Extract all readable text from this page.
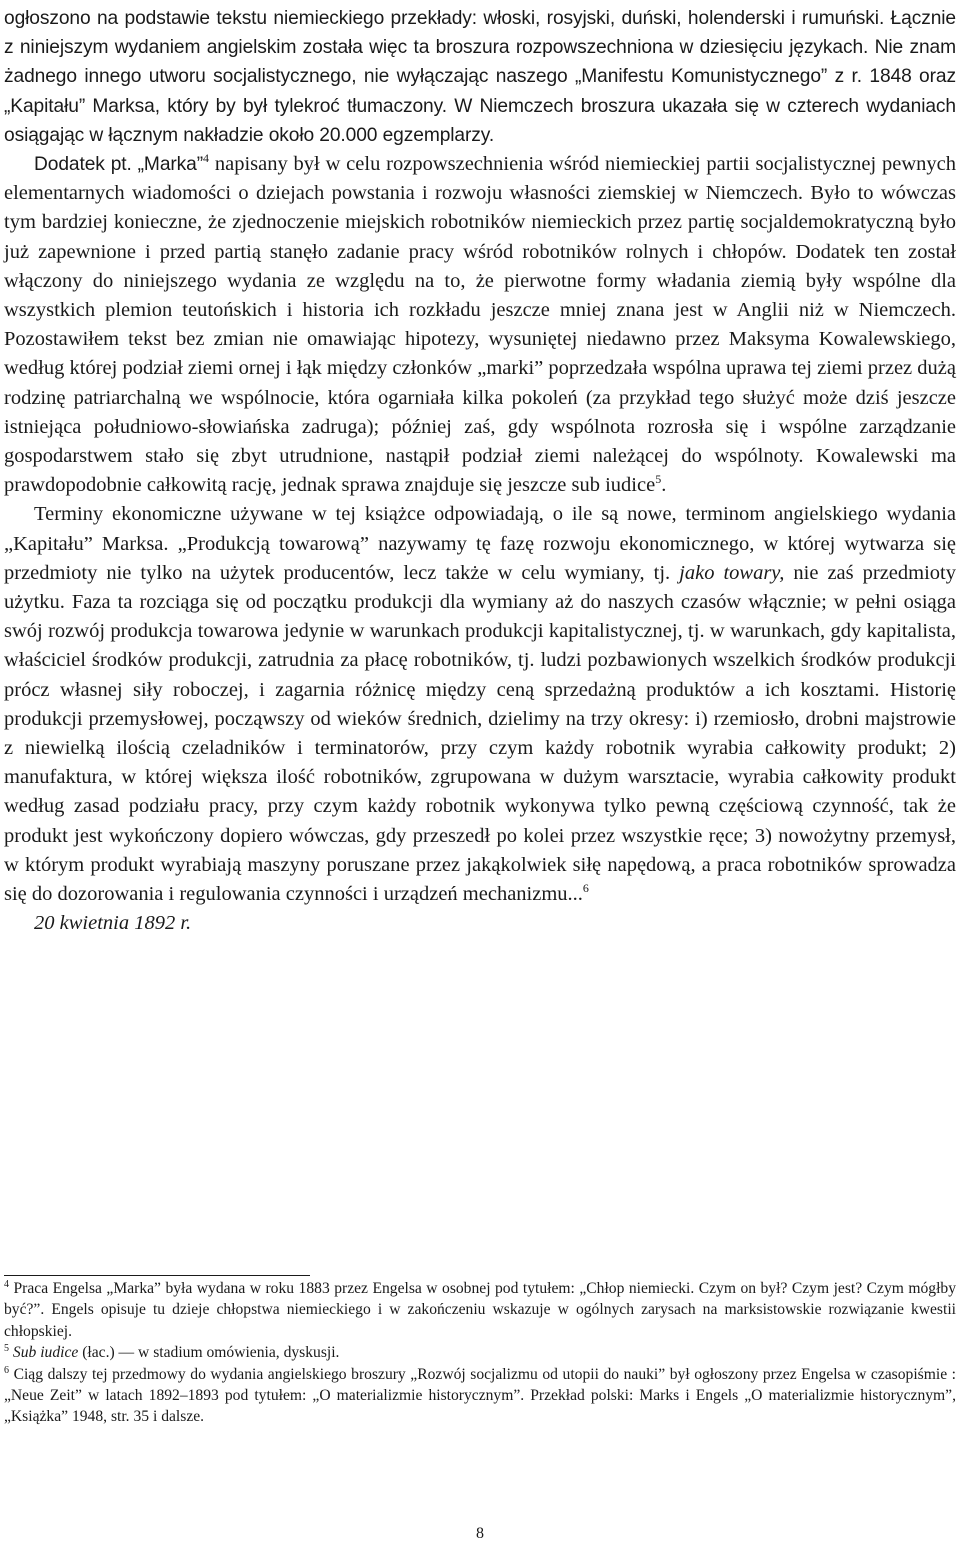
ogłoszono na podstawie tekstu niemieckiego przekłady: włoski, rosyjski, duński, holenderski i rumuński. Łącznie z niniejszym wydaniem angielskim została więc ta broszura rozpowszechniona w dziesięciu językach. Nie znam żadnego innego utworu socjalistycznego, nie wyłączając naszego „Manifestu Komunistycznego” z r. 1848 oraz „Kapitału” Marksa, który by był tylekroć tłumaczony. W Niemczech broszura ukazała się w czterech wydaniach osiągając w łącznym nakładzie około 20.000 egzemplarzy.

Dodatek pt. „Marka”$^4$ napisany był w celu rozpowszechnienia wśród niemieckiej partii socjalistycznej pewnych elementarnych wiadomości o dziejach powstania i rozwoju własności ziemskiej w Niemczech. Było to wówczas tym bardziej konieczne, że zjednoczenie miejskich robotników niemieckich przez partię socjaldemokratyczną było już zapewnione i przed partią stanęło zadanie pracy wśród robotników rolnych i chłopów. Dodatek ten został włączony do niniejszego wydania ze względu na to, że pierwotne formy władania ziemią były wspólne dla wszystkich plemion teutońskich i historia ich rozkładu jeszcze mniej znana jest w Anglii niż w Niemczech. Pozostawiłem tekst bez zmian nie omawiając hipotezy, wysuniętej niedawno przez Maksyma Kowalewskiego, według której podział ziemi ornej i łąk między członków „marki” poprzedzała wspólna uprawa tej ziemi przez dużą rodzinę patriarchalną we wspólnocie, która ogarniała kilka pokoleń (za przykład tego służyć może dziś jeszcze istniejąca południowo-słowiańska zadruga); później zaś, gdy wspólnota rozrosła się i wspólne zarządzanie gospodarstwem stało się zbyt utrudnione, nastąpił podział ziemi należącej do wspólnoty. Kowalewski ma prawdopodobnie całkowitą rację, jednak sprawa znajduje się jeszcze sub iudice$^5$.

Terminy ekonomiczne używane w tej książce odpowiadają, o ile są nowe, terminom angielskiego wydania „Kapitału” Marksa. „Produkcją towarową” nazywamy tę fazę rozwoju ekonomicznego, w której wytwarza się przedmioty nie tylko na użytek producentów, lecz także w celu wymiany, tj. jako towary, nie zaś przedmioty użytku. Faza ta rozciąga się od początku produkcji dla wymiany aż do naszych czasów włącznie; w pełni osiąga swój rozwój produkcja towarowa jedynie w warunkach produkcji kapitalistycznej, tj. w warunkach, gdy kapitalista, właściciel środków produkcji, zatrudnia za płacę robotników, tj. ludzi pozbawionych wszelkich środków produkcji prócz własnej siły roboczej, i zagarnia różnicę między ceną sprzedażną produktów a ich kosztami. Historię produkcji przemysłowej, począwszy od wieków średnich, dzielimy na trzy okresy: i) rzemiosło, drobni majstrowie z niewielką ilością czeladników i terminatorów, przy czym każdy robotnik wyrabia całkowity produkt; 2) manufaktura, w której większa ilość robotników, zgrupowana w dużym warsztacie, wyrabia całkowity produkt według zasad podziału pracy, przy czym każdy robotnik wykonywa tylko pewną częściową czynność, tak że produkt jest wykończony dopiero wówczas, gdy przeszedł po kolei przez wszystkie ręce; 3) nowożytny przemysł, w którym produkt wyrabiają maszyny poruszane przez jakąkolwiek siłę napędową, a praca robotników sprowadza się do dozorowania i regulowania czynności i urządzeń mechanizmu...$^6$

20 kwietnia 1892 r.

$^4$ Praca Engelsa „Marka” była wydana w roku 1883 przez Engelsa w osobnej pod tytułem: „Chłop niemiecki. Czym on był? Czym jest? Czym mógłby być?”. Engels opisuje tu dzieje chłopstwa niemieckiego i w zakończeniu wskazuje w ogólnych zarysach na marksistowskie rozwiązanie kwestii chłopskiej.

$^5$ Sub iudice (łac.) — w stadium omówienia, dyskusji.

$^6$ Ciąg dalszy tej przedmowy do wydania angielskiego broszury „Rozwój socjalizmu od utopii do nauki” był ogłoszony przez Engelsa w czasopiśmie : „Neue Zeit” w latach 1892–1893 pod tytułem: „O materializmie historycznym”. Przekład polski: Marks i Engels „O materializmie historycznym”, „Książka” 1948, str. 35 i dalsze.

8
